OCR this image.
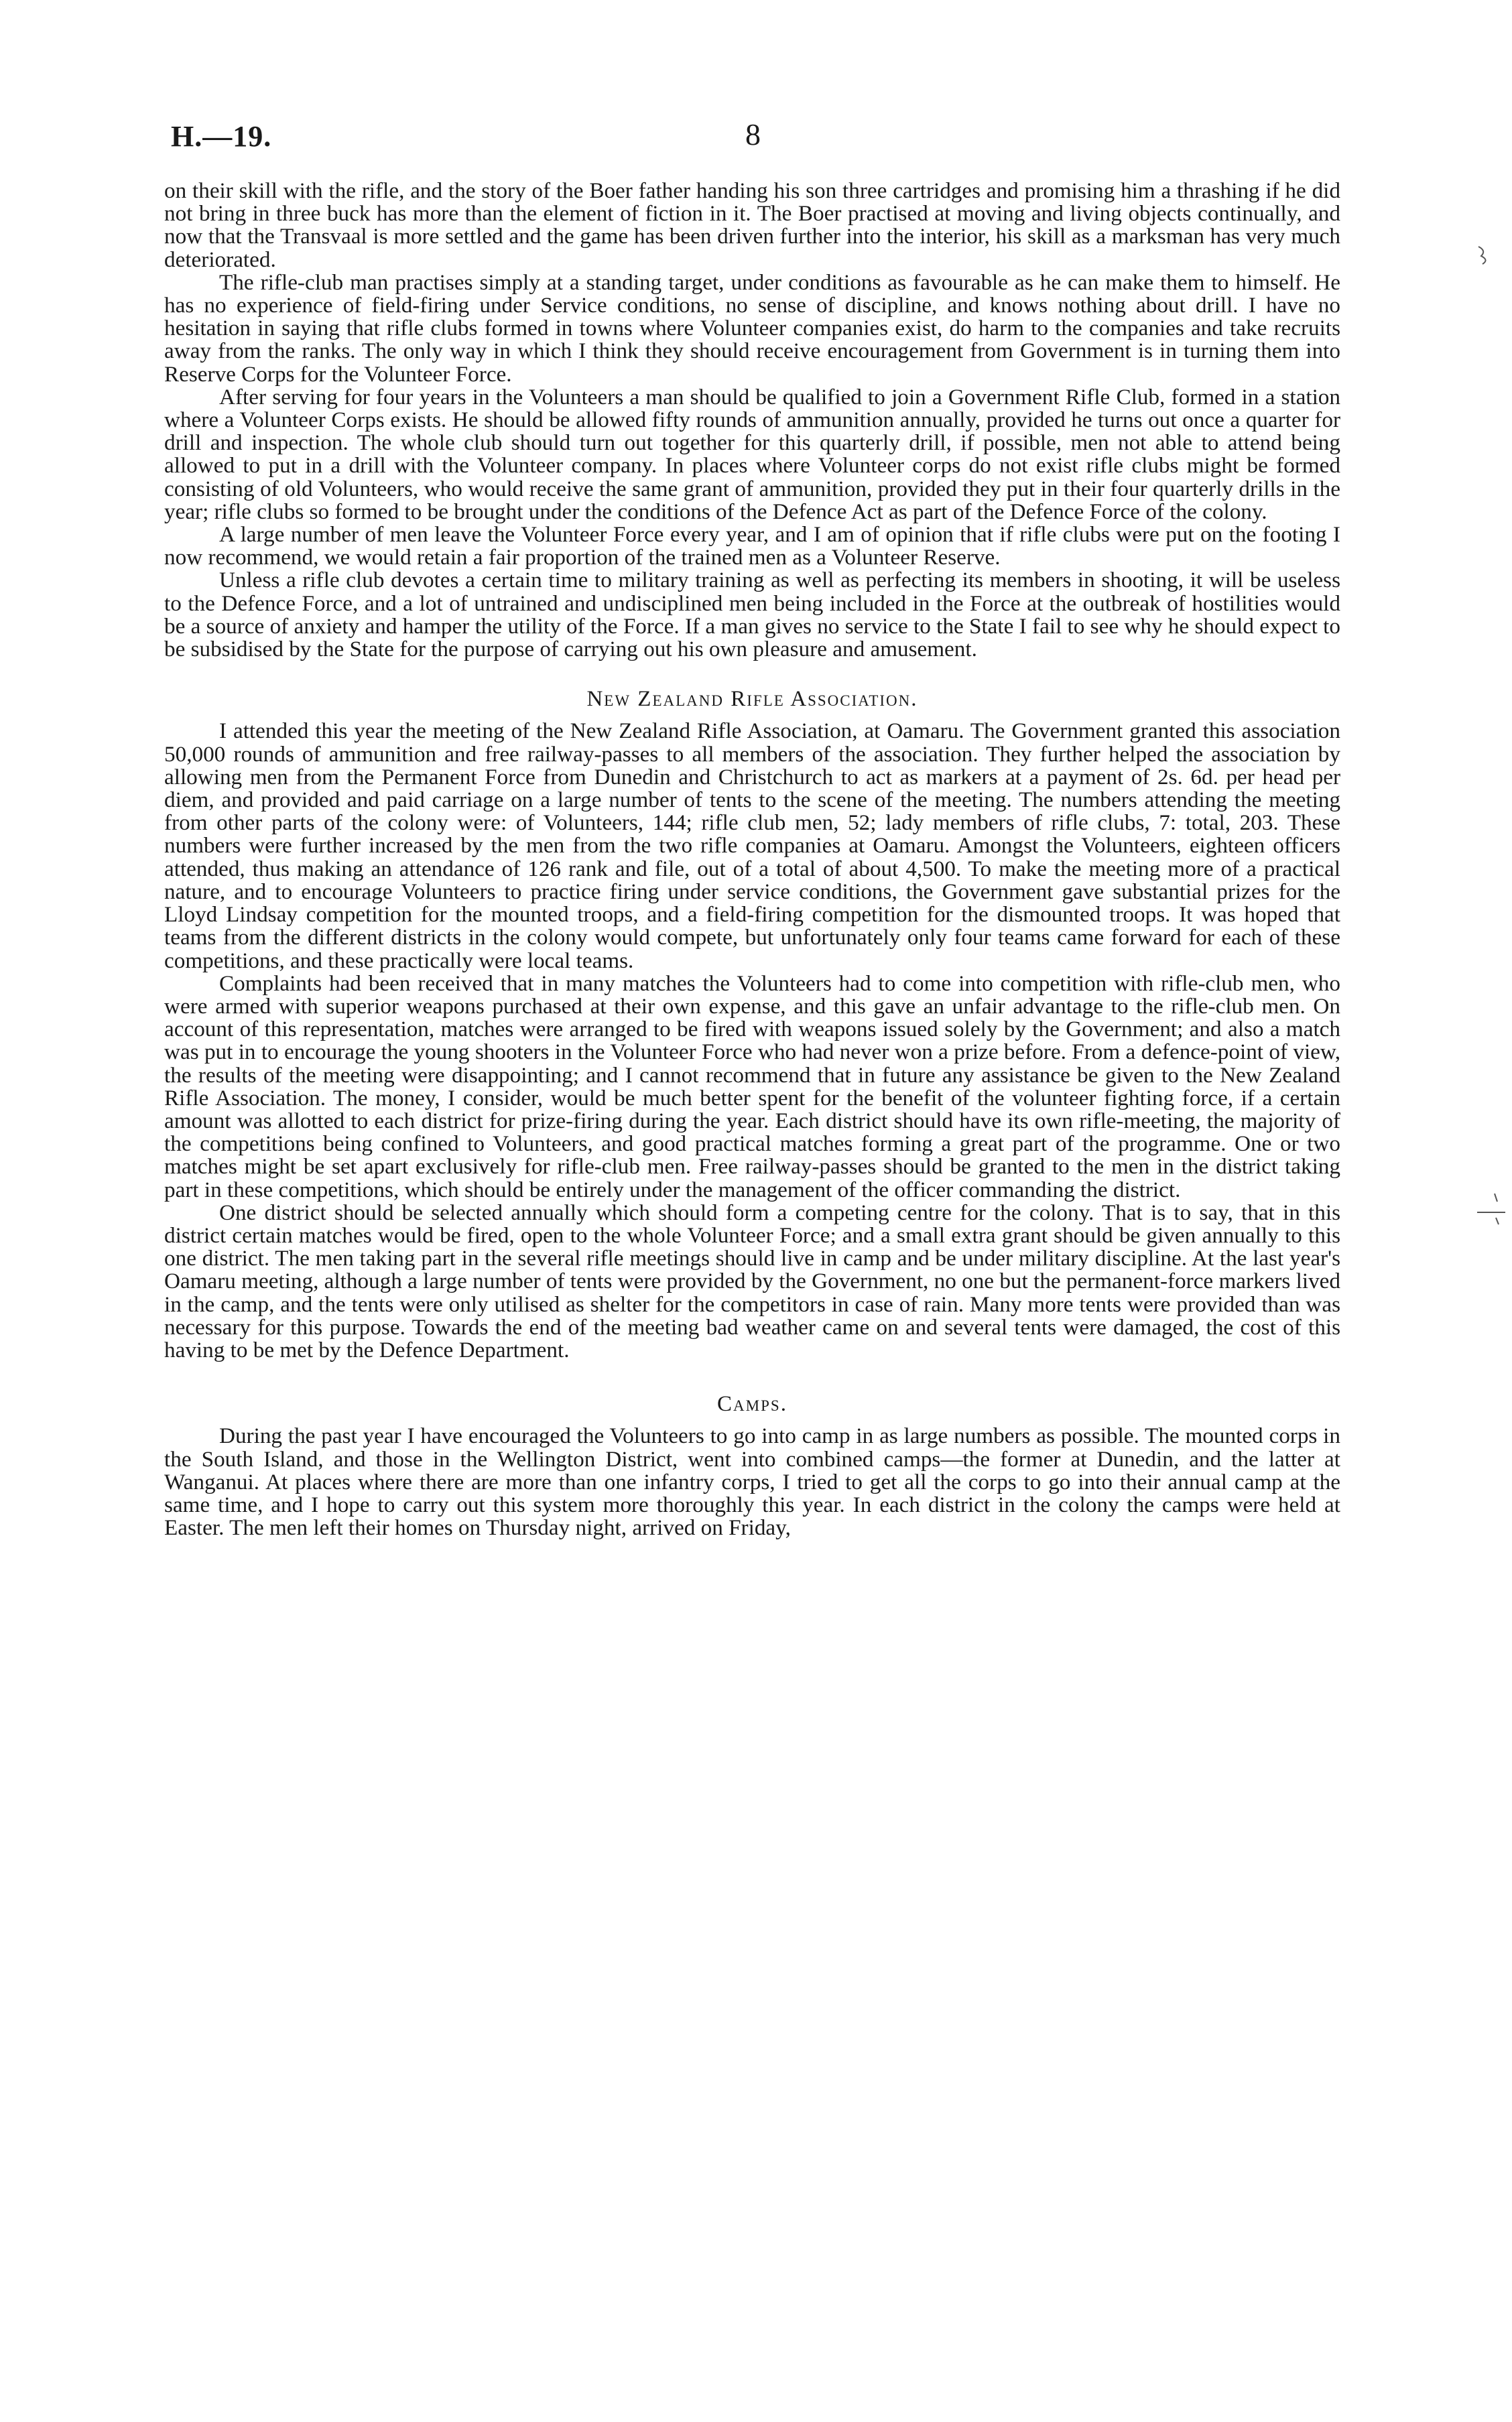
H.—19.	8

on their skill with the rifle, and the story of the Boer father handing his son three cartridges and promising him a thrashing if he did not bring in three buck has more than the element of fiction in it. The Boer practised at moving and living objects continually, and now that the Transvaal is more settled and the game has been driven further into the interior, his skill as a marksman has very much deteriorated.

The rifle-club man practises simply at a standing target, under conditions as favourable as he can make them to himself. He has no experience of field-firing under Service conditions, no sense of discipline, and knows nothing about drill. I have no hesitation in saying that rifle clubs formed in towns where Volunteer companies exist, do harm to the companies and take recruits away from the ranks. The only way in which I think they should receive encouragement from Government is in turning them into Reserve Corps for the Volunteer Force.

After serving for four years in the Volunteers a man should be qualified to join a Government Rifle Club, formed in a station where a Volunteer Corps exists. He should be allowed fifty rounds of ammunition annually, provided he turns out once a quarter for drill and inspection. The whole club should turn out together for this quarterly drill, if possible, men not able to attend being allowed to put in a drill with the Volunteer company. In places where Volunteer corps do not exist rifle clubs might be formed consisting of old Volunteers, who would receive the same grant of ammunition, provided they put in their four quarterly drills in the year; rifle clubs so formed to be brought under the conditions of the Defence Act as part of the Defence Force of the colony.

A large number of men leave the Volunteer Force every year, and I am of opinion that if rifle clubs were put on the footing I now recommend, we would retain a fair proportion of the trained men as a Volunteer Reserve.

Unless a rifle club devotes a certain time to military training as well as perfecting its members in shooting, it will be useless to the Defence Force, and a lot of untrained and undisciplined men being included in the Force at the outbreak of hostilities would be a source of anxiety and hamper the utility of the Force. If a man gives no service to the State I fail to see why he should expect to be subsidised by the State for the purpose of carrying out his own pleasure and amusement.

New Zealand Rifle Association.

I attended this year the meeting of the New Zealand Rifle Association, at Oamaru. The Government granted this association 50,000 rounds of ammunition and free railway-passes to all members of the association. They further helped the association by allowing men from the Permanent Force from Dunedin and Christchurch to act as markers at a payment of 2s. 6d. per head per diem, and provided and paid carriage on a large number of tents to the scene of the meeting. The numbers attending the meeting from other parts of the colony were: of Volunteers, 144; rifle club men, 52; lady members of rifle clubs, 7: total, 203. These numbers were further increased by the men from the two rifle companies at Oamaru. Amongst the Volunteers, eighteen officers attended, thus making an attendance of 126 rank and file, out of a total of about 4,500. To make the meeting more of a practical nature, and to encourage Volunteers to practice firing under service conditions, the Government gave substantial prizes for the Lloyd Lindsay competition for the mounted troops, and a field-firing competition for the dismounted troops. It was hoped that teams from the different districts in the colony would compete, but unfortunately only four teams came forward for each of these competitions, and these practically were local teams.

Complaints had been received that in many matches the Volunteers had to come into competition with rifle-club men, who were armed with superior weapons purchased at their own expense, and this gave an unfair advantage to the rifle-club men. On account of this representation, matches were arranged to be fired with weapons issued solely by the Government; and also a match was put in to encourage the young shooters in the Volunteer Force who had never won a prize before. From a defence-point of view, the results of the meeting were disappointing; and I cannot recommend that in future any assistance be given to the New Zealand Rifle Association. The money, I consider, would be much better spent for the benefit of the volunteer fighting force, if a certain amount was allotted to each district for prize-firing during the year. Each district should have its own rifle-meeting, the majority of the competitions being confined to Volunteers, and good practical matches forming a great part of the programme. One or two matches might be set apart exclusively for rifle-club men. Free railway-passes should be granted to the men in the district taking part in these competitions, which should be entirely under the management of the officer commanding the district.

One district should be selected annually which should form a competing centre for the colony. That is to say, that in this district certain matches would be fired, open to the whole Volunteer Force; and a small extra grant should be given annually to this one district. The men taking part in the several rifle meetings should live in camp and be under military discipline. At the last year's Oamaru meeting, although a large number of tents were provided by the Government, no one but the permanent-force markers lived in the camp, and the tents were only utilised as shelter for the competitors in case of rain. Many more tents were provided than was necessary for this purpose. Towards the end of the meeting bad weather came on and several tents were damaged, the cost of this having to be met by the Defence Department.

Camps.

During the past year I have encouraged the Volunteers to go into camp in as large numbers as possible. The mounted corps in the South Island, and those in the Wellington District, went into combined camps—the former at Dunedin, and the latter at Wanganui. At places where there are more than one infantry corps, I tried to get all the corps to go into their annual camp at the same time, and I hope to carry out this system more thoroughly this year. In each district in the colony the camps were held at Easter. The men left their homes on Thursday night, arrived on Friday,
